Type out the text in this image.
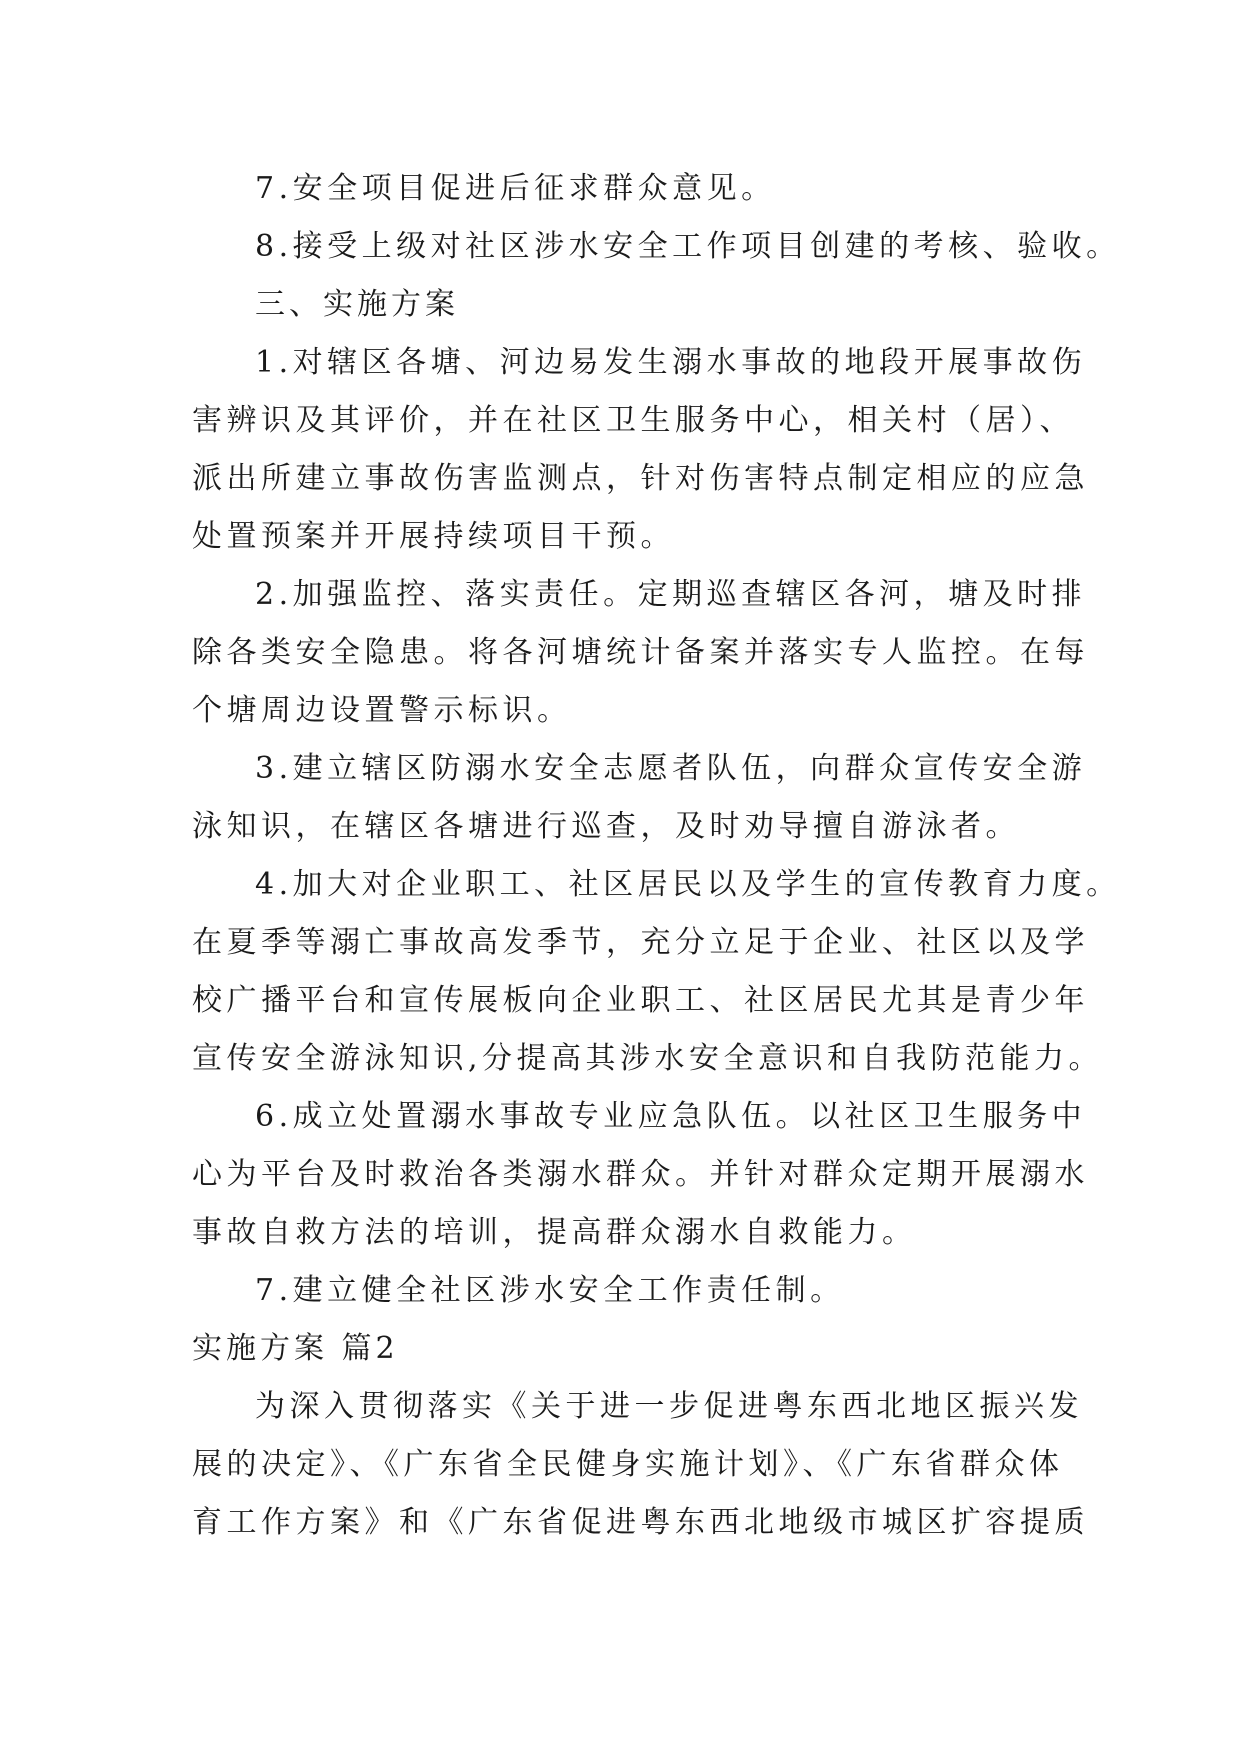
7.安全项目促进后征求群众意见。
8.接受上级对社区涉水安全工作项目创建的考核、验收。
三、实施方案
1.对辖区各塘、河边易发生溺水事故的地段开展事故伤
害辨识及其评价，并在社区卫生服务中心，相关村（居）、
派出所建立事故伤害监测点，针对伤害特点制定相应的应急
处置预案并开展持续项目干预。
2.加强监控、落实责任。定期巡查辖区各河，塘及时排
除各类安全隐患。将各河塘统计备案并落实专人监控。在每
个塘周边设置警示标识。
3.建立辖区防溺水安全志愿者队伍，向群众宣传安全游
泳知识，在辖区各塘进行巡查，及时劝导擅自游泳者。
4.加大对企业职工、社区居民以及学生的宣传教育力度。
在夏季等溺亡事故高发季节，充分立足于企业、社区以及学
校广播平台和宣传展板向企业职工、社区居民尤其是青少年
宣传安全游泳知识,分提高其涉水安全意识和自我防范能力。
6.成立处置溺水事故专业应急队伍。以社区卫生服务中
心为平台及时救治各类溺水群众。并针对群众定期开展溺水
事故自救方法的培训，提高群众溺水自救能力。
7.建立健全社区涉水安全工作责任制。
实施方案 篇2
为深入贯彻落实《关于进一步促进粤东西北地区振兴发
展的决定》、《广东省全民健身实施计划》、《广东省群众体
育工作方案》和《广东省促进粤东西北地级市城区扩容提质
